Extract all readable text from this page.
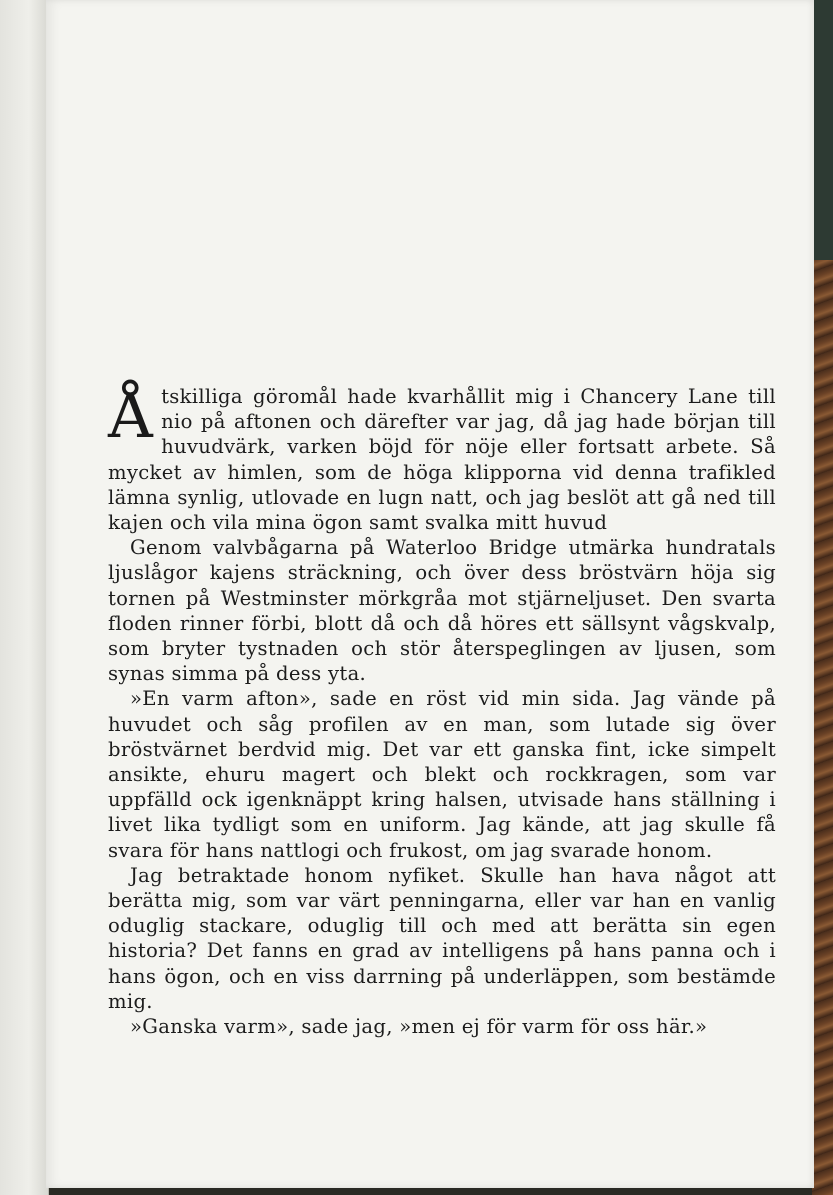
Åtskilliga göromål hade kvarhållit mig i Chancery Lane till nio på aftonen och därefter var jag, då jag hade början till huvudvärk, varken böjd för nöje eller fortsatt arbete. Så mycket av himlen, som de höga klipporna vid denna trafikled lämna synlig, utlovade en lugn natt, och jag beslöt att gå ned till kajen och vila mina ögon samt svalka mitt huvud

Genom valvbågarna på Waterloo Bridge utmärka hundratals ljuslågor kajens sträckning, och över dess bröstvärn höja sig tornen på Westminster mörkgråa mot stjärneljuset. Den svarta floden rinner förbi, blott då och då höres ett sällsynt vågskvalp, som bryter tystnaden och stör återspeglingen av ljusen, som synas simma på dess yta.

»En varm afton», sade en röst vid min sida. Jag vände på huvudet och såg profilen av en man, som lutade sig över bröstvärnet berdvid mig. Det var ett ganska fint, icke simpelt ansikte, ehuru magert och blekt och rockkragen, som var uppfälld ock igenknäppt kring halsen, utvisade hans ställning i livet lika tydligt som en uniform. Jag kände, att jag skulle få svara för hans nattlogi och frukost, om jag svarade honom.

Jag betraktade honom nyfiket. Skulle han hava något att berätta mig, som var värt penningarna, eller var han en vanlig oduglig stackare, oduglig till och med att berätta sin egen historia? Det fanns en grad av intelligens på hans panna och i hans ögon, och en viss darrning på underläppen, som bestämde mig.

»Ganska varm», sade jag, »men ej för varm för oss här.»
